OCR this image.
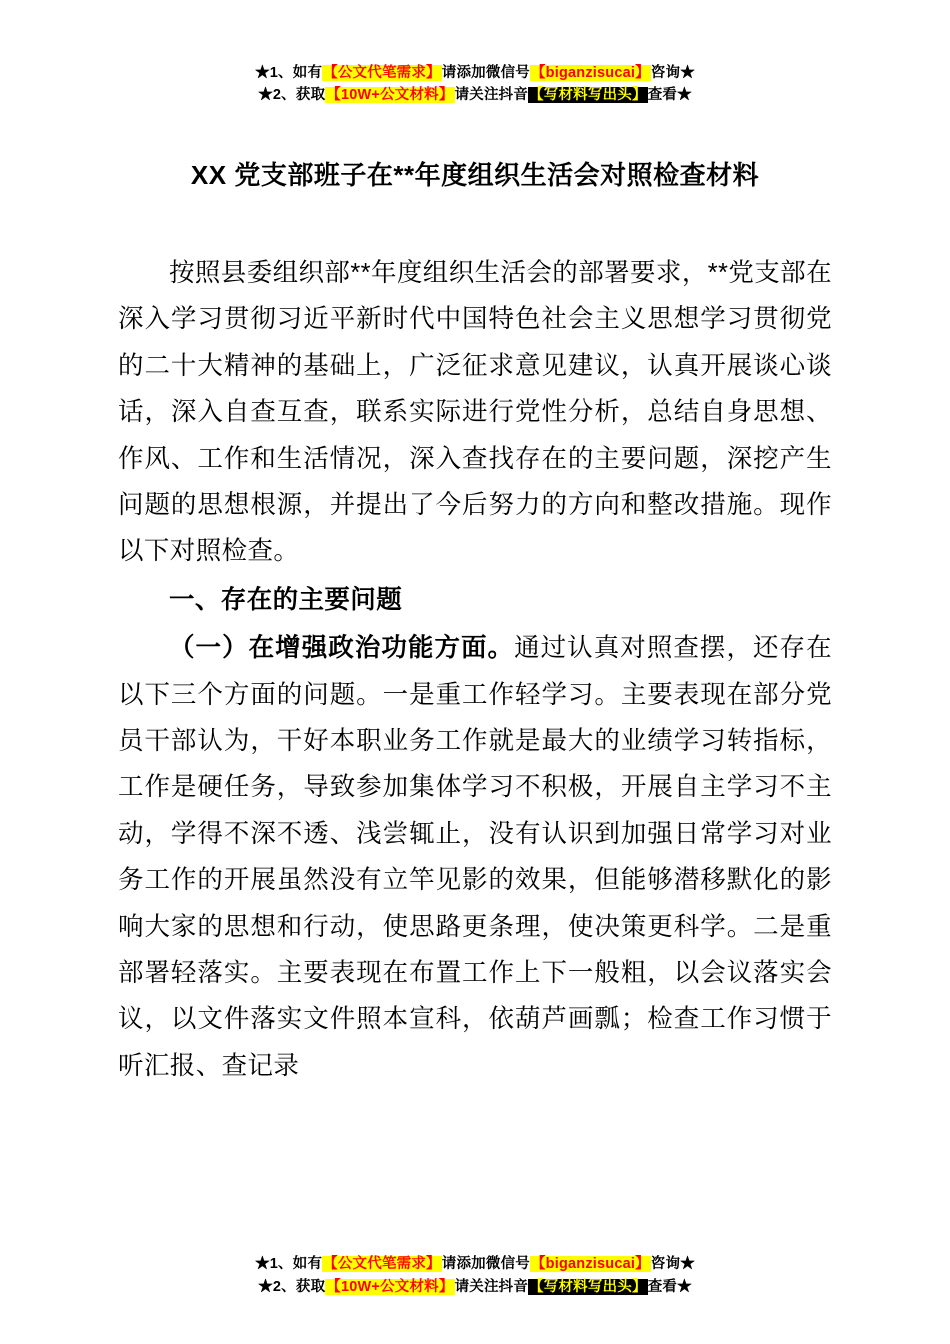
★1、如有【公文代笔需求】请添加微信号【biganzisucai】咨询★
★2、获取【10W+公文材料】请关注抖音【写材料写出头】查看★
XX 党支部班子在**年度组织生活会对照检查材料

按照县委组织部**年度组织生活会的部署要求，**党支部在深入学习贯彻习近平新时代中国特色社会主义思想学习贯彻党的二十大精神的基础上，广泛征求意见建议，认真开展谈心谈话，深入自查互查，联系实际进行党性分析，总结自身思想、作风、工作和生活情况，深入查找存在的主要问题，深挖产生问题的思想根源，并提出了今后努力的方向和整改措施。现作以下对照检查。

一、存在的主要问题

（一）在增强政治功能方面。通过认真对照查摆，还存在以下三个方面的问题。一是重工作轻学习。主要表现在部分党员干部认为，干好本职业务工作就是最大的业绩学习转指标，工作是硬任务，导致参加集体学习不积极，开展自主学习不主动，学得不深不透、浅尝辄止，没有认识到加强日常学习对业务工作的开展虽然没有立竿见影的效果，但能够潜移默化的影响大家的思想和行动，使思路更条理，使决策更科学。二是重部署轻落实。主要表现在布置工作上下一般粗，以会议落实会议，以文件落实文件照本宣科，依葫芦画瓢；检查工作习惯于听汇报、查记录

★1、如有【公文代笔需求】请添加微信号【biganzisucai】咨询★
★2、获取【10W+公文材料】请关注抖音【写材料写出头】查看★
